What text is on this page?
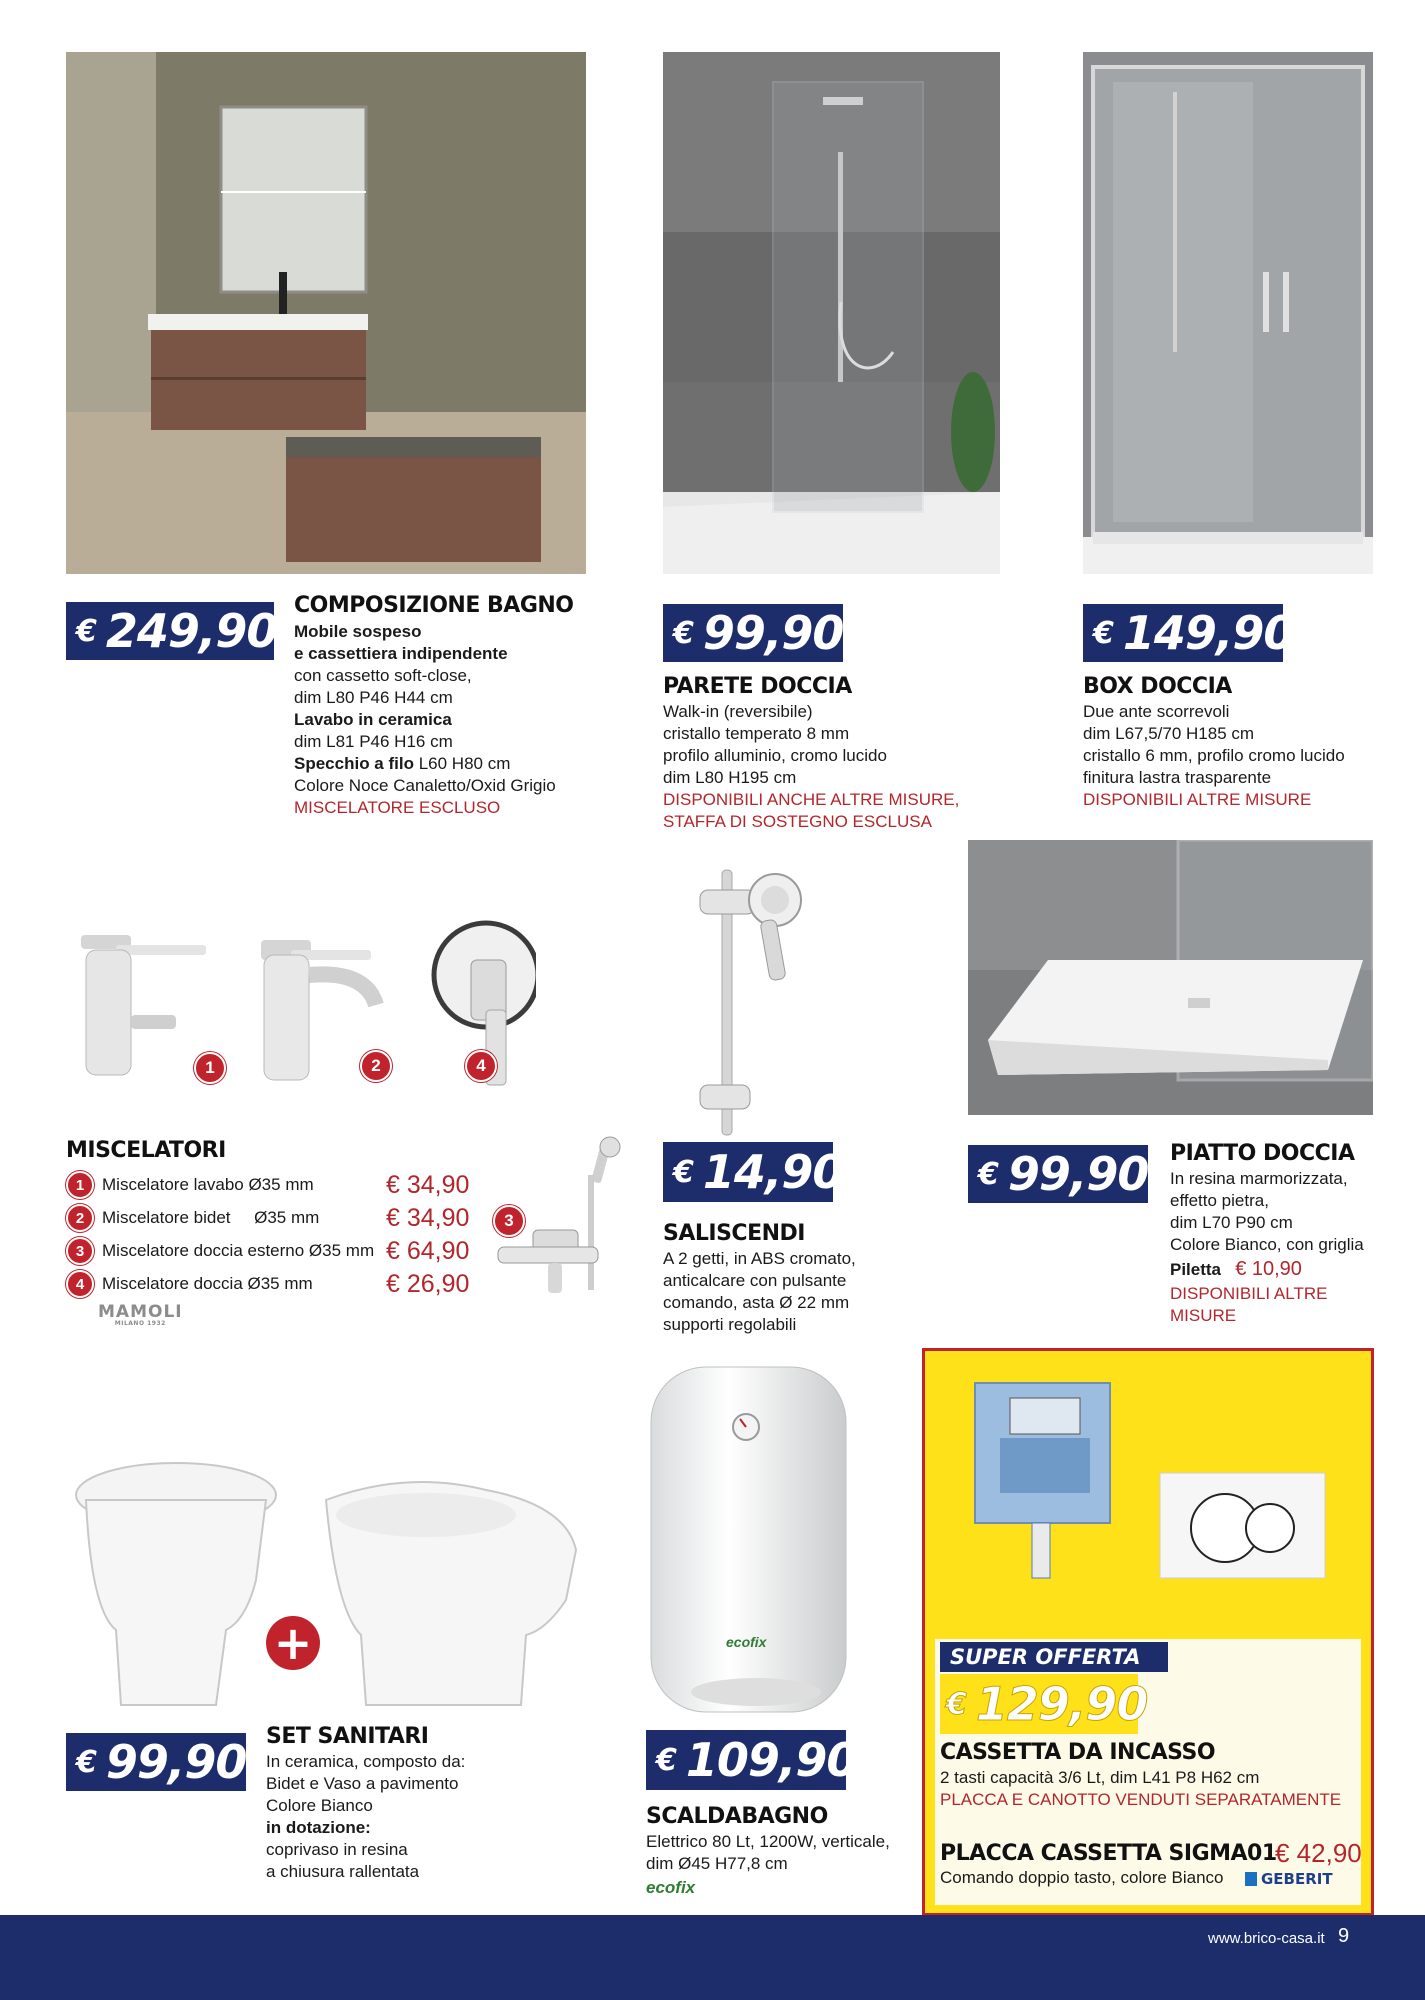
€ 249,90 COMPOSIZIONE BAGNO
Mobile sospeso
e cassettiera indipendente
con cassetto soft-close,
dim L80 P46 H44 cm
Lavabo in ceramica
dim L81 P46 H16 cm
Specchio a filo L60 H80 cm
Colore Noce Canaletto/Oxid Grigio
MISCELATORE ESCLUSO
€ 99,90
PARETE DOCCIA
Walk-in (reversibile)
cristallo temperato 8 mm
profilo alluminio, cromo lucido
dim L80 H195 cm
DISPONIBILI ANCHE ALTRE MISURE,
STAFFA DI SOSTEGNO ESCLUSA
€ 149,90
BOX DOCCIA
Due ante scorrevoli
dim L67,5/70 H185 cm
cristallo 6 mm, profilo cromo lucido
finitura lastra trasparente
DISPONIBILI ALTRE MISURE
1	2	4
MISCELATORI
1	Miscelatore lavabo Ø35 mm	€ 34,90
2	Miscelatore bidet     Ø35 mm	€ 34,90
3	Miscelatore doccia esterno Ø35 mm € 64,90
4	Miscelatore doccia Ø35 mm	€ 26,90
3
MAMOLI
MILANO 1932
€ 14,90
SALISCENDI
A 2 getti, in ABS cromato,
anticalcare con pulsante
comando, asta Ø 22 mm
supporti regolabili
€ 99,90 PIATTO DOCCIA
In resina marmorizzata,
effetto pietra,
dim L70 P90 cm
Colore Bianco, con griglia
Piletta € 10,90
DISPONIBILI ALTRE
MISURE
+
€ 99,90 SET SANITARI
In ceramica, composto da:
Bidet e Vaso a pavimento
Colore Bianco
in dotazione:
coprivaso in resina
a chiusura rallentata
ecofix
€ 109,90
SCALDABAGNO
Elettrico 80 Lt, 1200W, verticale,
dim Ø45 H77,8 cm
ecofix
SUPER OFFERTA
€ 129,90
CASSETTA DA INCASSO
2 tasti capacità 3/6 Lt, dim L41 P8 H62 cm
PLACCA E CANOTTO VENDUTI SEPARATAMENTE
PLACCA CASSETTA SIGMA01
€ 42,90
Comando doppio tasto, colore Bianco GEBERIT
www.brico-casa.it 9
